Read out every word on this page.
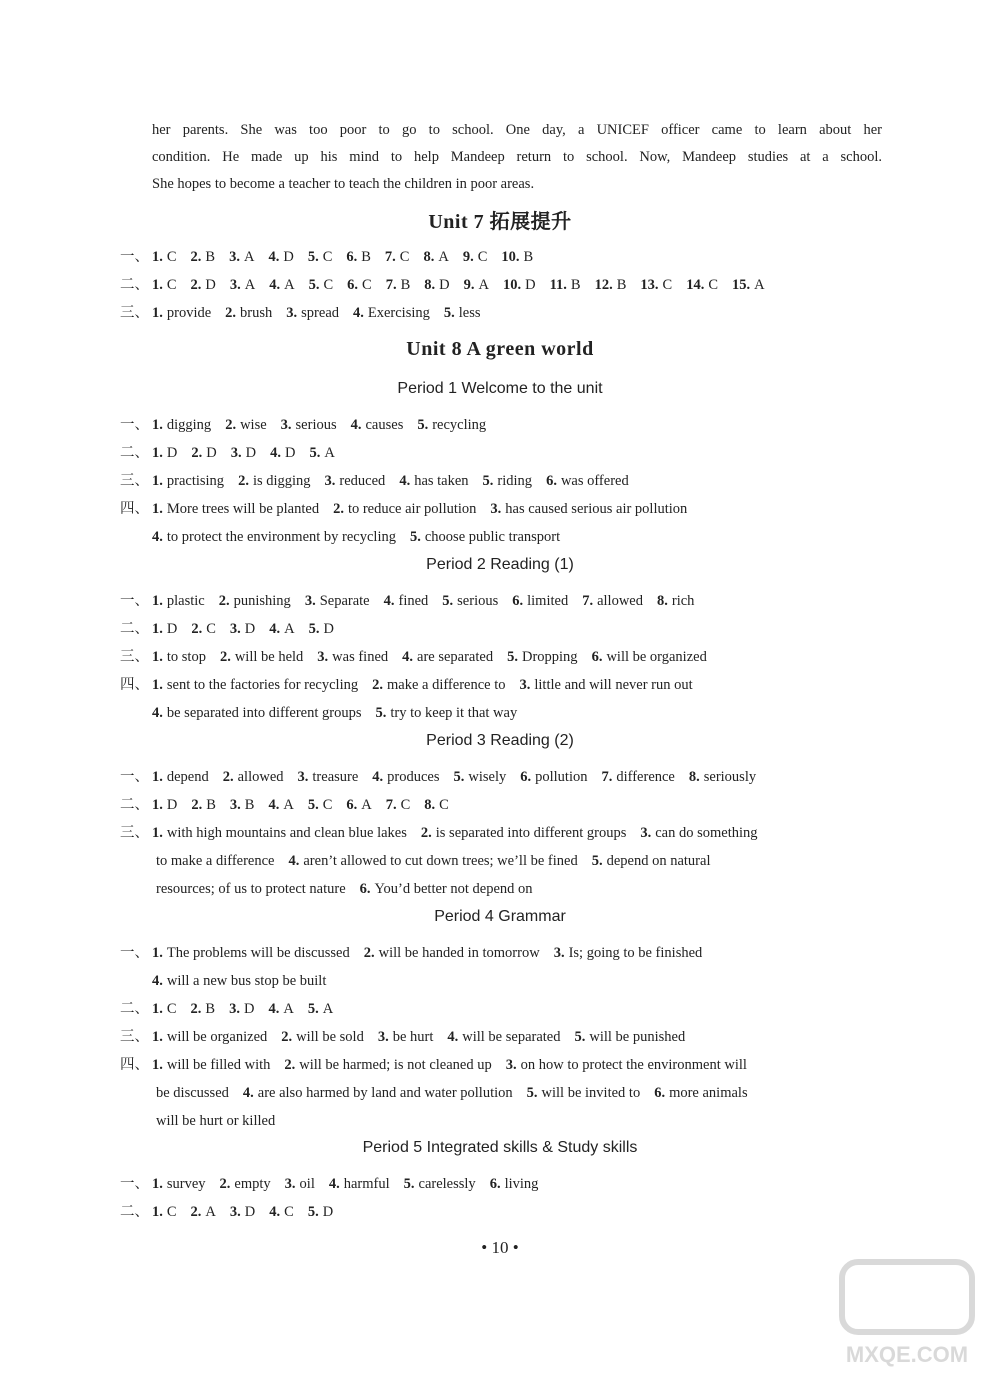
her parents. She was too poor to go to school. One day, a UNICEF officer came to learn about her

condition. He made up his mind to help Mandeep return to school. Now, Mandeep studies at a school.

She hopes to become a teacher to teach the children in poor areas.

Unit 7 拓展提升
一、 1. C 2. B 3. A 4. D 5. C 6. B 7. C 8. A 9. C 10. B
二、 1. C 2. D 3. A 4. A 5. C 6. C 7. B 8. D 9. A 10. D 11. B 12. B 13. C 14. C 15. A
三、 1. provide 2. brush 3. spread 4. Exercising 5. less
Unit 8 A green world
Period 1 Welcome to the unit
一、 1. digging 2. wise 3. serious 4. causes 5. recycling
二、 1. D 2. D 3. D 4. D 5. A
三、 1. practising 2. is digging 3. reduced 4. has taken 5. riding 6. was offered
四、 1. More trees will be planted 2. to reduce air pollution 3. has caused serious air pollution
4. to protect the environment by recycling 5. choose public transport
Period 2 Reading (1)
一、 1. plastic 2. punishing 3. Separate 4. fined 5. serious 6. limited 7. allowed 8. rich
二、 1. D 2. C 3. D 4. A 5. D
三、 1. to stop 2. will be held 3. was fined 4. are separated 5. Dropping 6. will be organized
四、 1. sent to the factories for recycling 2. make a difference to 3. little and will never run out
4. be separated into different groups 5. try to keep it that way
Period 3 Reading (2)
一、 1. depend 2. allowed 3. treasure 4. produces 5. wisely 6. pollution 7. difference 8. seriously
二、 1. D 2. B 3. B 4. A 5. C 6. A 7. C 8. C
三、 1. with high mountains and clean blue lakes 2. is separated into different groups 3. can do something
to make a difference 4. aren’t allowed to cut down trees; we’ll be fined 5. depend on natural
resources; of us to protect nature 6. You’d better not depend on
Period 4 Grammar
一、 1. The problems will be discussed 2. will be handed in tomorrow 3. Is; going to be finished
4. will a new bus stop be built
二、 1. C 2. B 3. D 4. A 5. A
三、 1. will be organized 2. will be sold 3. be hurt 4. will be separated 5. will be punished
四、 1. will be filled with 2. will be harmed; is not cleaned up 3. on how to protect the environment will
be discussed 4. are also harmed by land and water pollution 5. will be invited to 6. more animals
will be hurt or killed
Period 5 Integrated skills & Study skills
一、 1. survey 2. empty 3. oil 4. harmful 5. carelessly 6. living
二、 1. C 2. A 3. D 4. C 5. D
• 10 •
MXQE.COM
